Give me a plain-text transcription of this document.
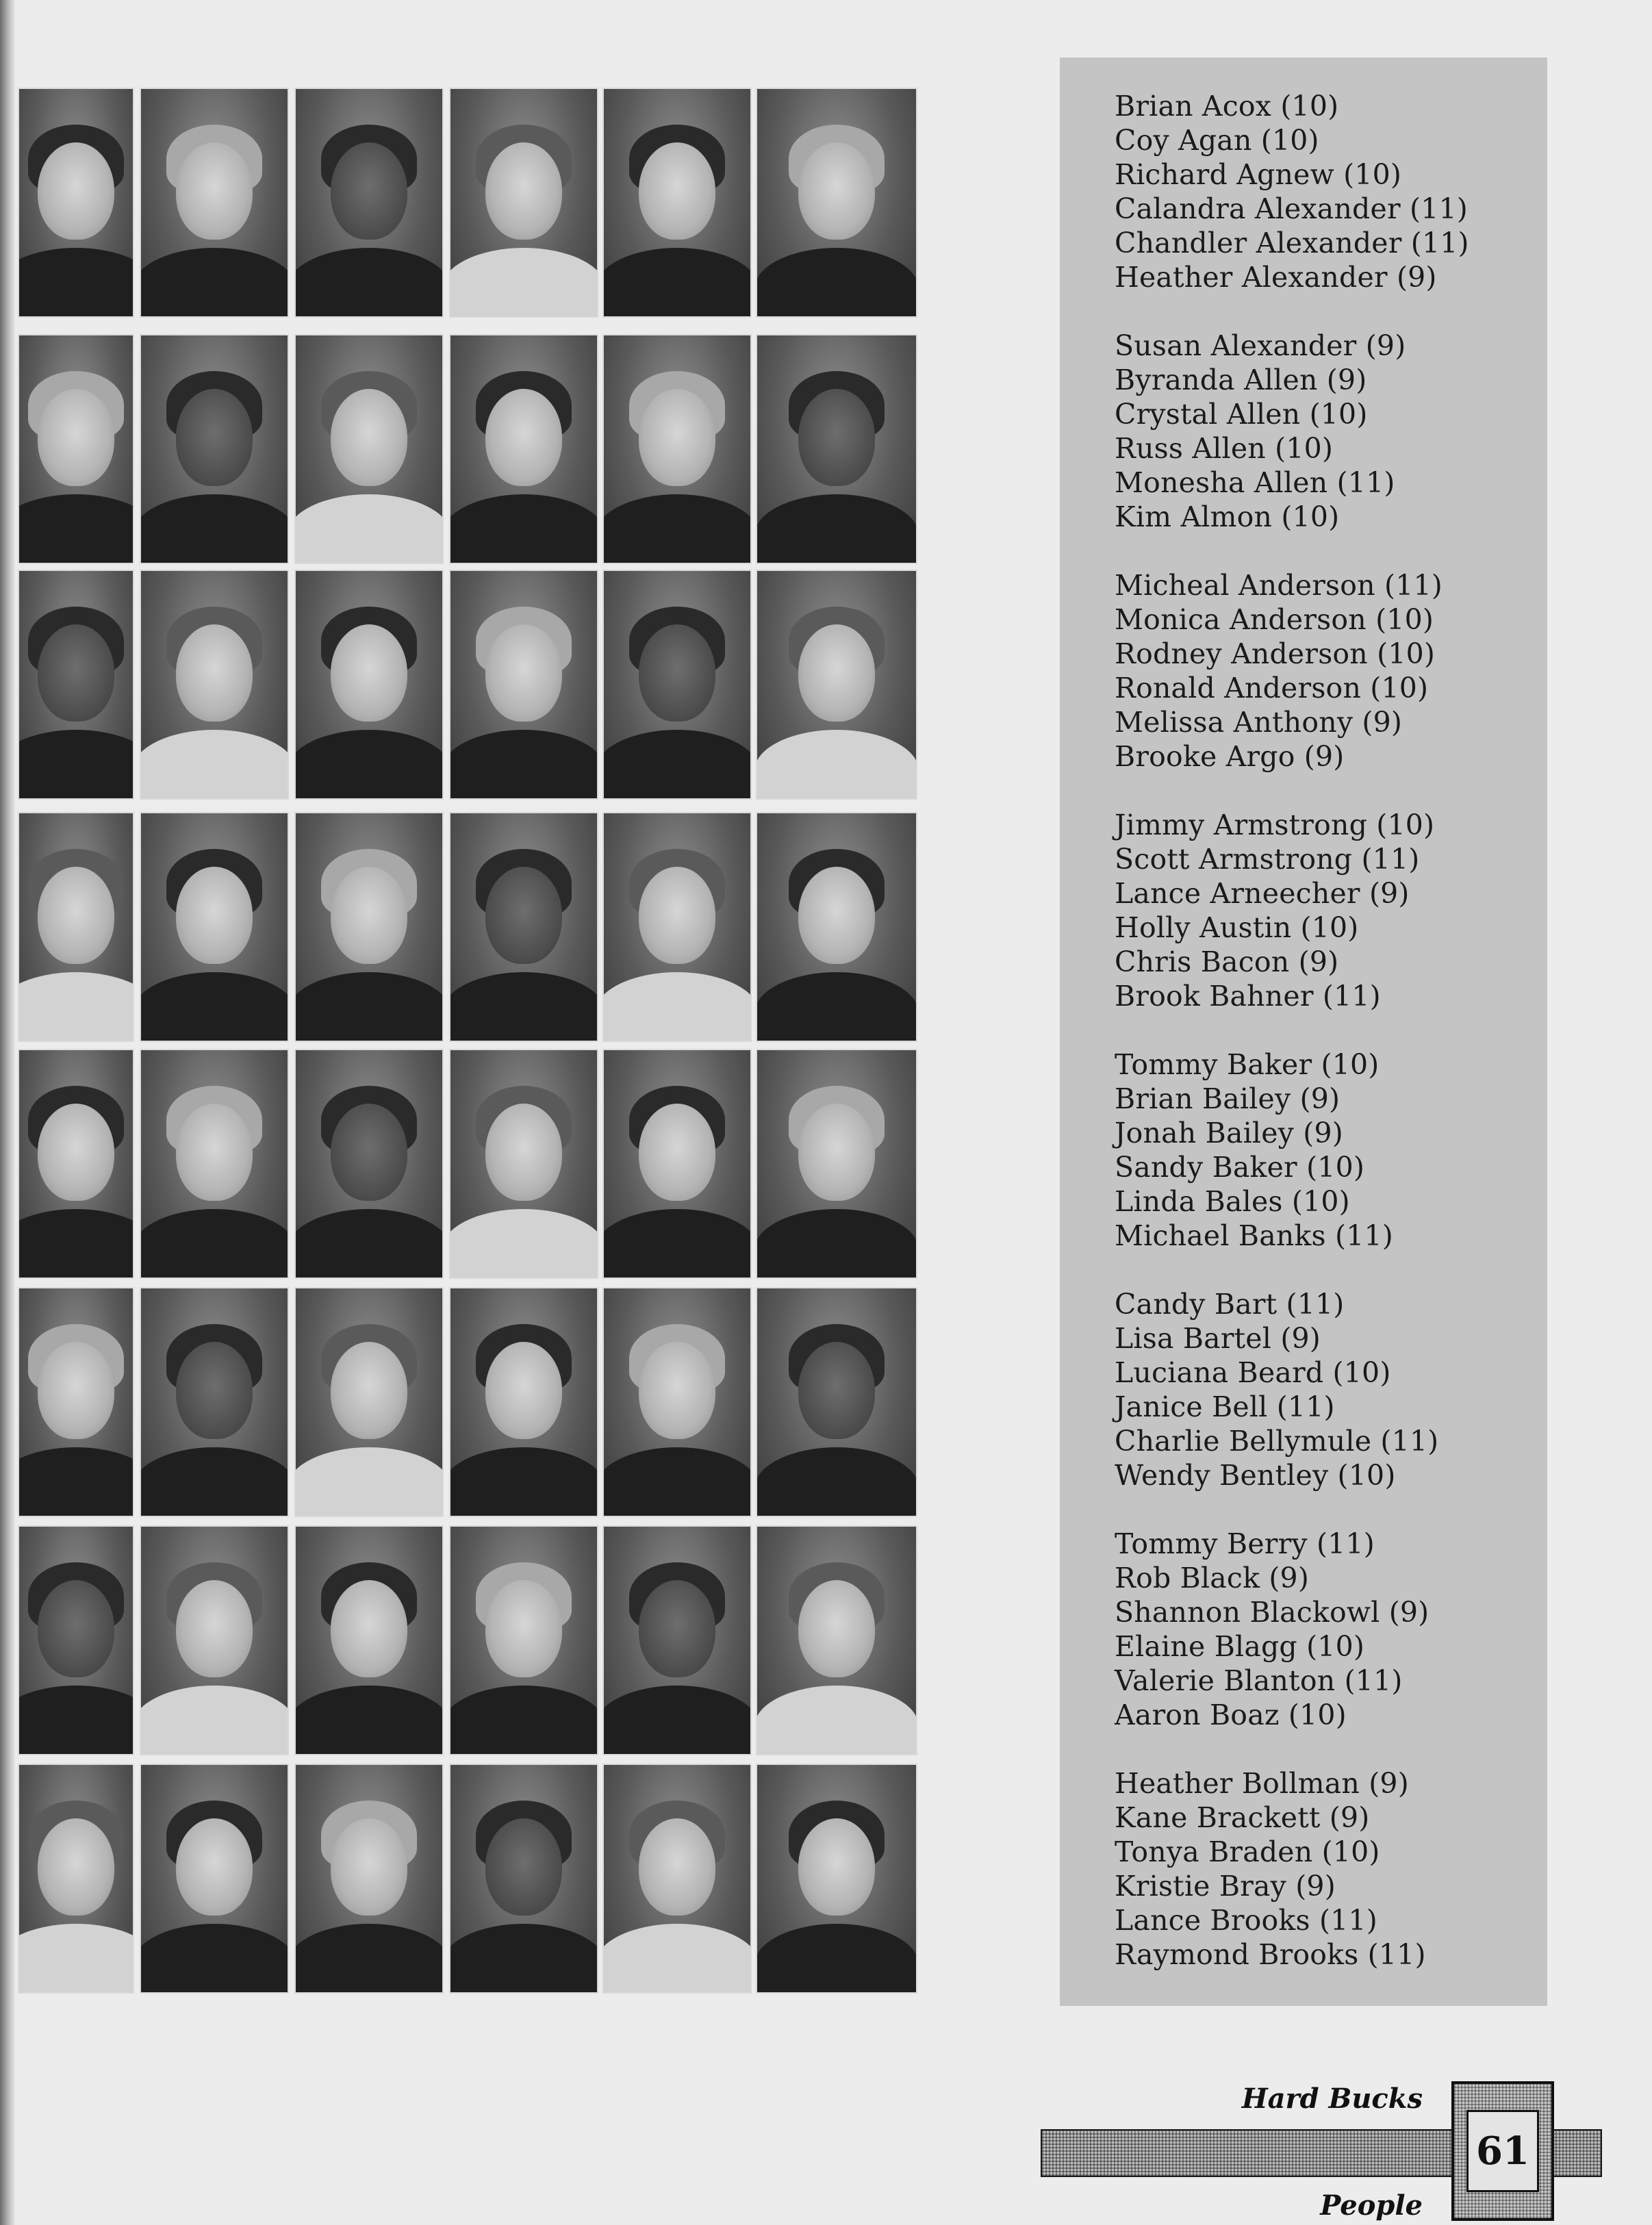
Brian Acox (10)
Coy Agan (10)
Richard Agnew (10)
Calandra Alexander (11)
Chandler Alexander (11)
Heather Alexander (9)
Susan Alexander (9)
Byranda Allen (9)
Crystal Allen (10)
Russ Allen (10)
Monesha Allen (11)
Kim Almon (10)
Micheal Anderson (11)
Monica Anderson (10)
Rodney Anderson (10)
Ronald Anderson (10)
Melissa Anthony (9)
Brooke Argo (9)
Jimmy Armstrong (10)
Scott Armstrong (11)
Lance Arneecher (9)
Holly Austin (10)
Chris Bacon (9)
Brook Bahner (11)
Tommy Baker (10)
Brian Bailey (9)
Jonah Bailey (9)
Sandy Baker (10)
Linda Bales (10)
Michael Banks (11)
Candy Bart (11)
Lisa Bartel (9)
Luciana Beard (10)
Janice Bell (11)
Charlie Bellymule (11)
Wendy Bentley (10)
Tommy Berry (11)
Rob Black (9)
Shannon Blackowl (9)
Elaine Blagg (10)
Valerie Blanton (11)
Aaron Boaz (10)
Heather Bollman (9)
Kane Brackett (9)
Tonya Braden (10)
Kristie Bray (9)
Lance Brooks (11)
Raymond Brooks (11)
Hard Bucks
People
61
